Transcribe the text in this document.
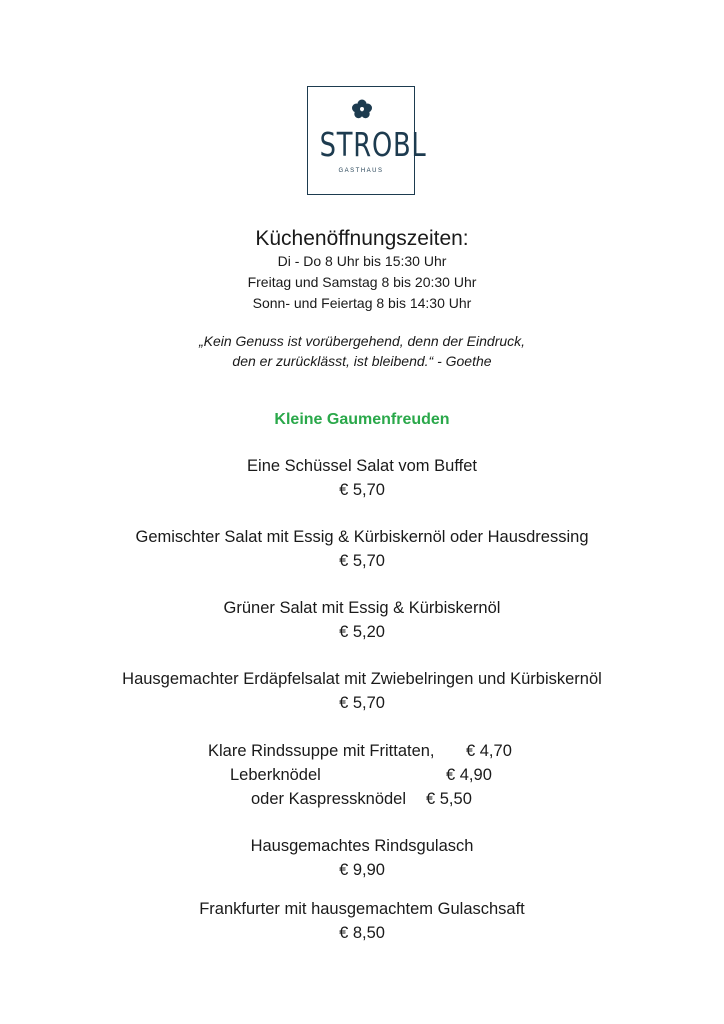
STROBL
GASTHAUS
Küchenöffnungszeiten:
Di - Do 8 Uhr bis 15:30 Uhr
Freitag und Samstag 8 bis 20:30 Uhr
Sonn- und Feiertag 8 bis 14:30 Uhr
„Kein Genuss ist vorübergehend, denn der Eindruck,
den er zurücklässt, ist bleibend.“ - Goethe
Kleine Gaumenfreuden
Eine Schüssel Salat vom Buffet
€ 5,70
Gemischter Salat mit Essig & Kürbiskernöl oder Hausdressing
€ 5,70
Grüner Salat mit Essig & Kürbiskernöl
€ 5,20
Hausgemachter Erdäpfelsalat mit Zwiebelringen und Kürbiskernöl
€ 5,70
Klare Rindssuppe mit Frittaten, € 4,70
Leberknödel	€ 4,90
oder Kaspressknödel € 5,50
Hausgemachtes Rindsgulasch
€ 9,90
Frankfurter mit hausgemachtem Gulaschsaft
€ 8,50
